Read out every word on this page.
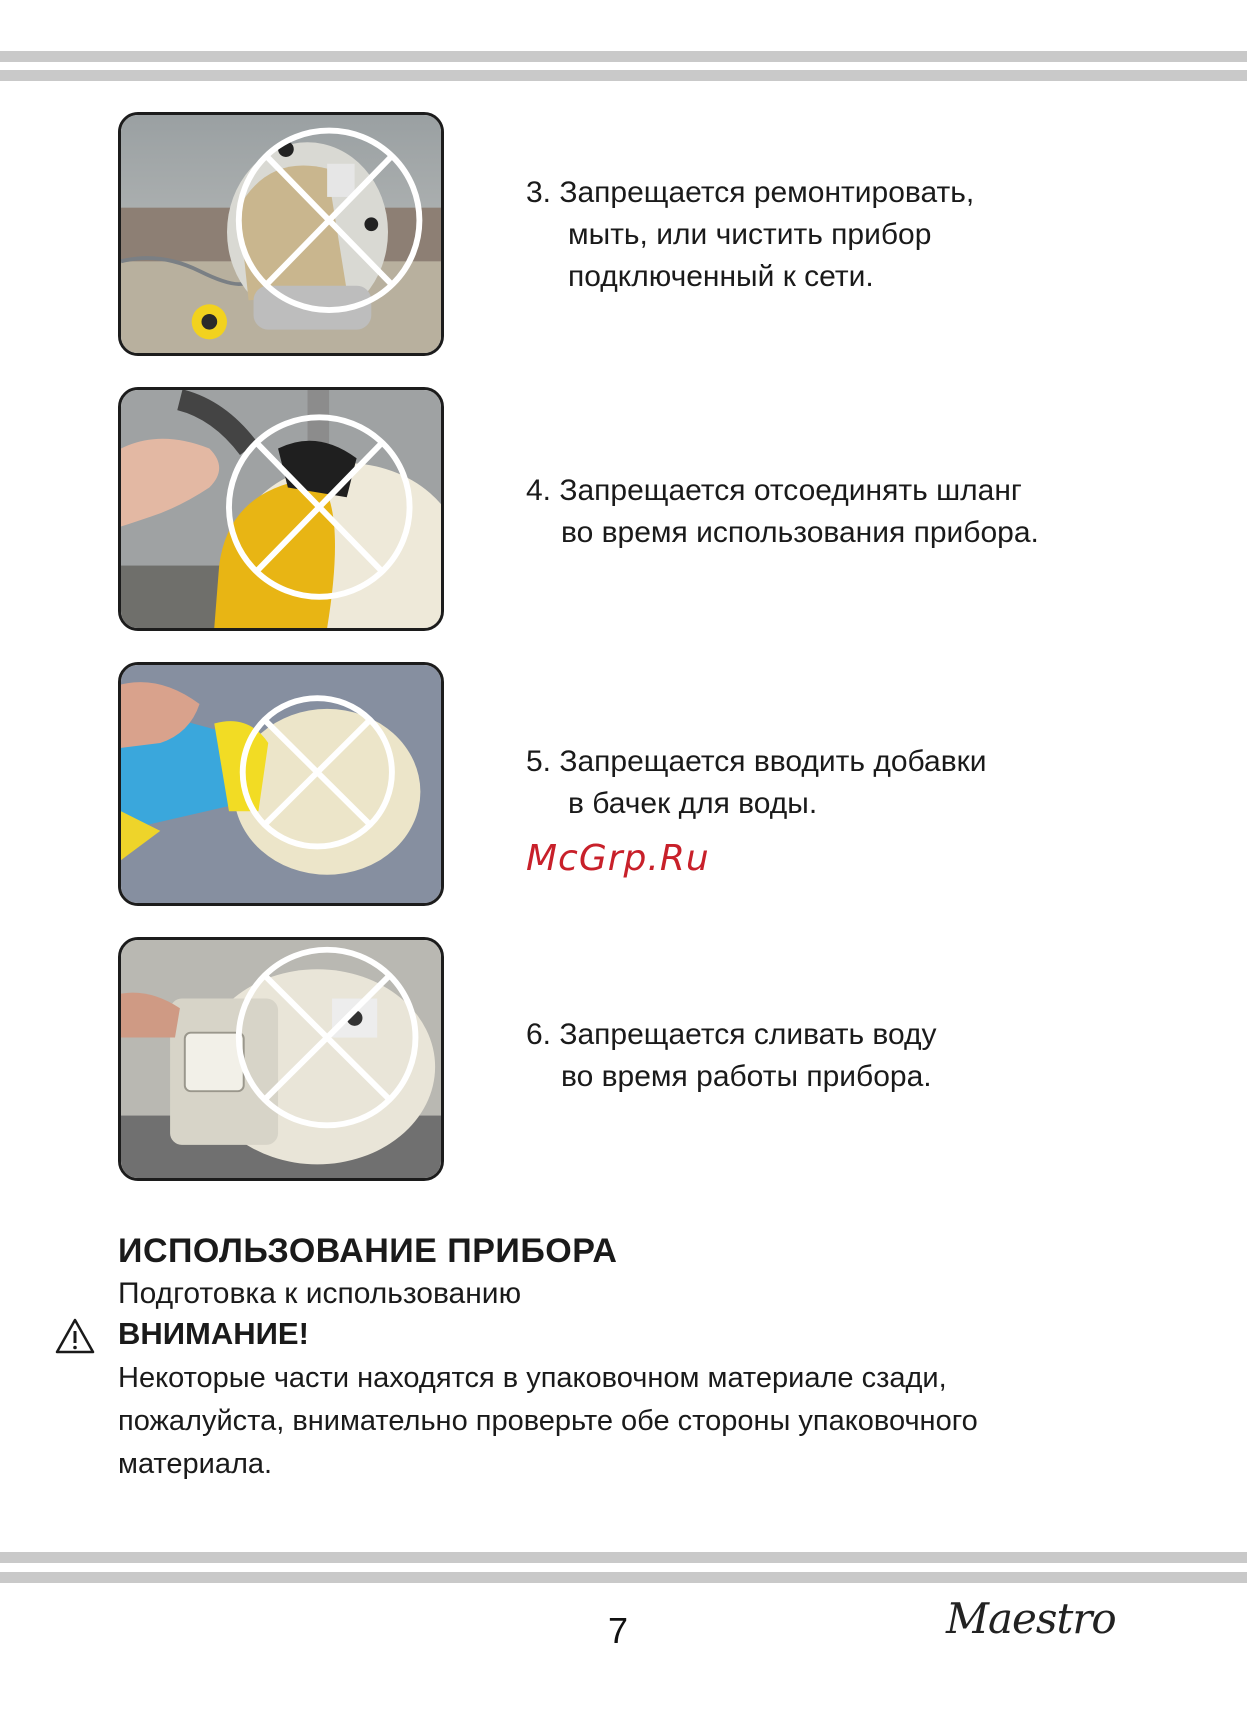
3. Запрещается ремонтировать,
мыть, или чистить прибор
подключенный к сети.
4. Запрещается отсоединять шланг
во время использования прибора.
5. Запрещается вводить добавки
в бачек для воды.
McGrp.Ru
6. Запрещается сливать воду
во время работы прибора.
ИСПОЛЬЗОВАНИЕ ПРИБОРА
Подготовка к использованию
ВНИМАНИЕ!
Некоторые части находятся в упаковочном материале сзади,
пожалуйста, внимательно проверьте обе стороны упаковочного
материала.
7	Maestro
